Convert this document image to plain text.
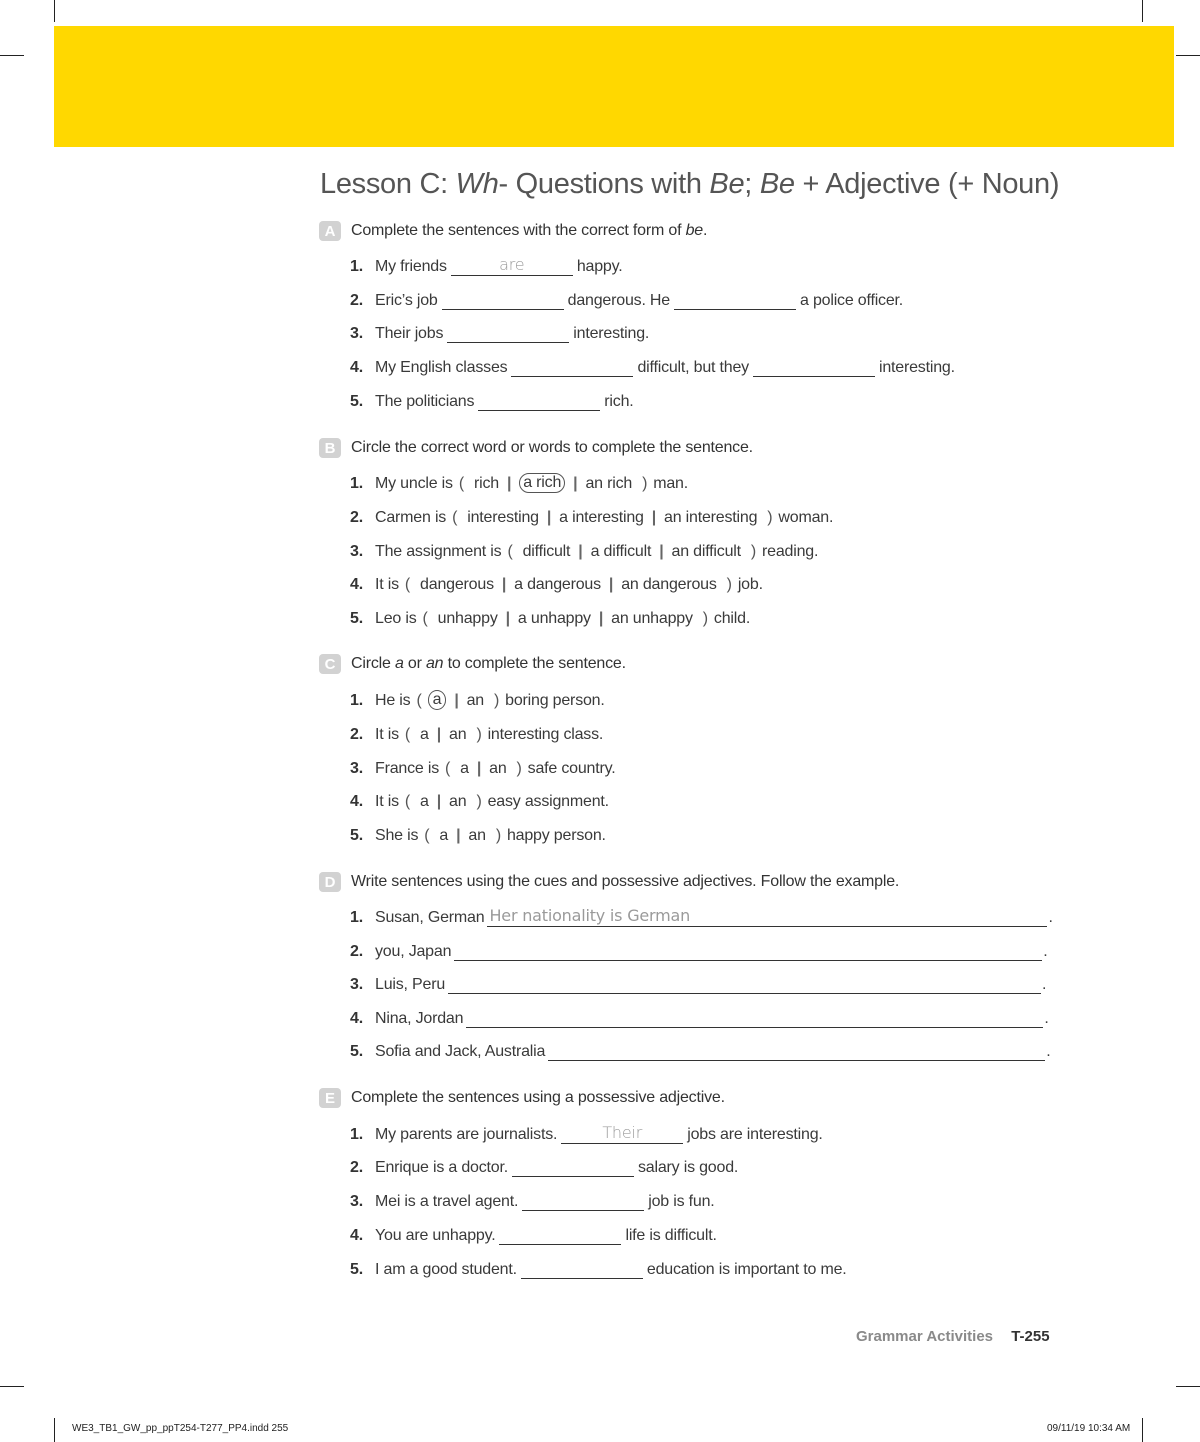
Lesson C: Wh- Questions with Be; Be + Adjective (+ Noun)
A Complete the sentences with the correct form of be.
1. My friends	are	happy.
2. Eric’s job	dangerous. He	a police officer.
3. Their jobs	interesting.
4. My English classes	difficult, but they	interesting.
5. The politicians	rich.
B Circle the correct word or words to complete the sentence.
1. My uncle is ( rich | a rich | an rich ) man.
2. Carmen is ( interesting | a interesting | an interesting ) woman.
3. The assignment is ( difficult | a difficult | an difficult ) reading.
4. It is ( dangerous | a dangerous | an dangerous ) job.
5. Leo is ( unhappy | a unhappy | an unhappy ) child.
C Circle a or an to complete the sentence.
1. He is ( a | an ) boring person.
2. It is ( a | an ) interesting class.
3. France is ( a | an ) safe country.
4. It is ( a | an ) easy assignment.
5. She is ( a | an ) happy person.
D Write sentences using the cues and possessive adjectives. Follow the example.
1. Susan, German Her nationality is German	.
2. you, Japan	.
3. Luis, Peru	.
4. Nina, Jordan	.
5. Sofia and Jack, Australia	.
E	Complete the sentences using a possessive adjective.
1. My parents are journalists.	Their	jobs are interesting.
2. Enrique is a doctor.	salary is good.
3. Mei is a travel agent.	job is fun.
4. You are unhappy.	life is difficult.
5. I am a good student.	education is important to me.
Grammar Activities T-255
WE3_TB1_GW_pp_ppT254-T277_PP4.indd 255	09/11/19 10:34 AM
